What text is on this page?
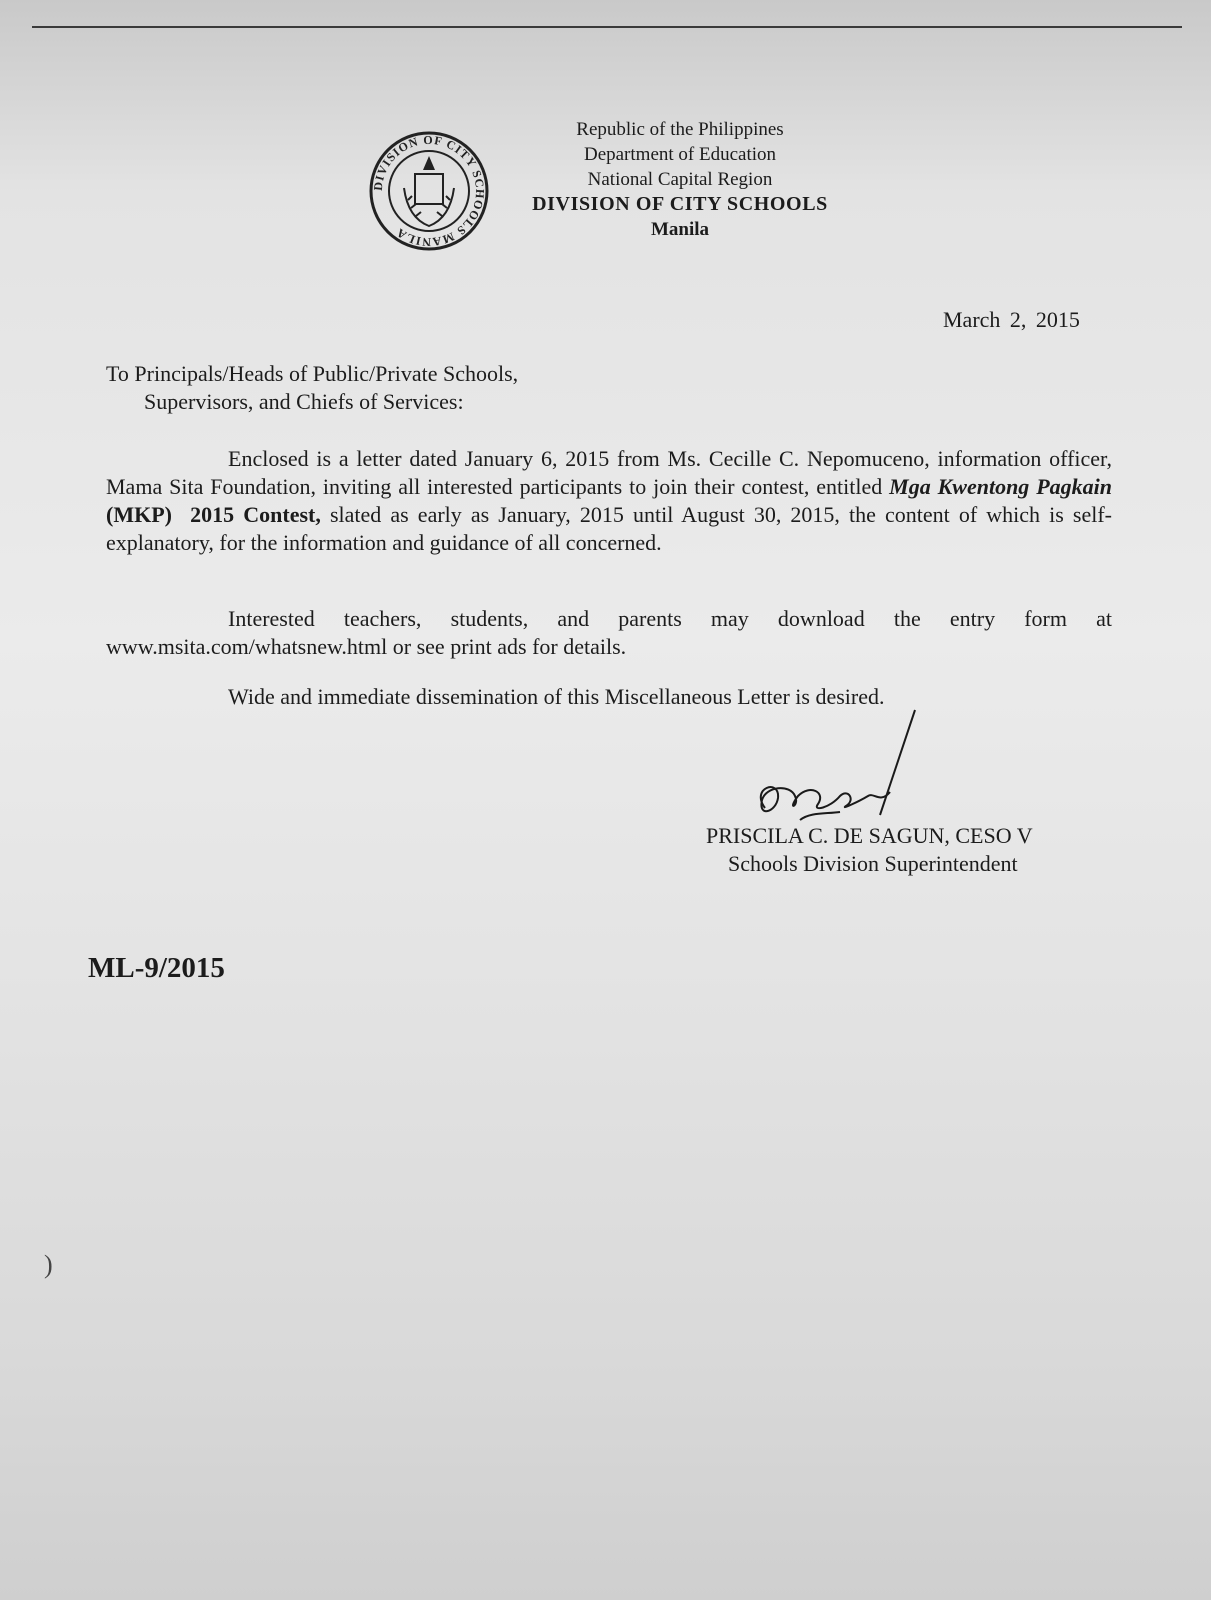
DIVISION OF CITY SCHOOLS MANILA
Republic of the Philippines
Department of Education
National Capital Region
DIVISION OF CITY SCHOOLS
Manila
March 2, 2015
To Principals/Heads of Public/Private Schools,
Supervisors, and Chiefs of Services:

Enclosed is a letter dated January 6, 2015 from Ms. Cecille C. Nepomuceno, information officer, Mama Sita Foundation, inviting all interested participants to join their contest, entitled Mga Kwentong Pagkain (MKP) 2015 Contest, slated as early as January, 2015 until August 30, 2015, the content of which is self-explanatory, for the information and guidance of all concerned.

Interested teachers, students, and parents may download the entry form at www.msita.com/whatsnew.html or see print ads for details.

Wide and immediate dissemination of this Miscellaneous Letter is desired.

PRISCILA C. DE SAGUN, CESO V
Schools Division Superintendent
ML-9/2015
)
